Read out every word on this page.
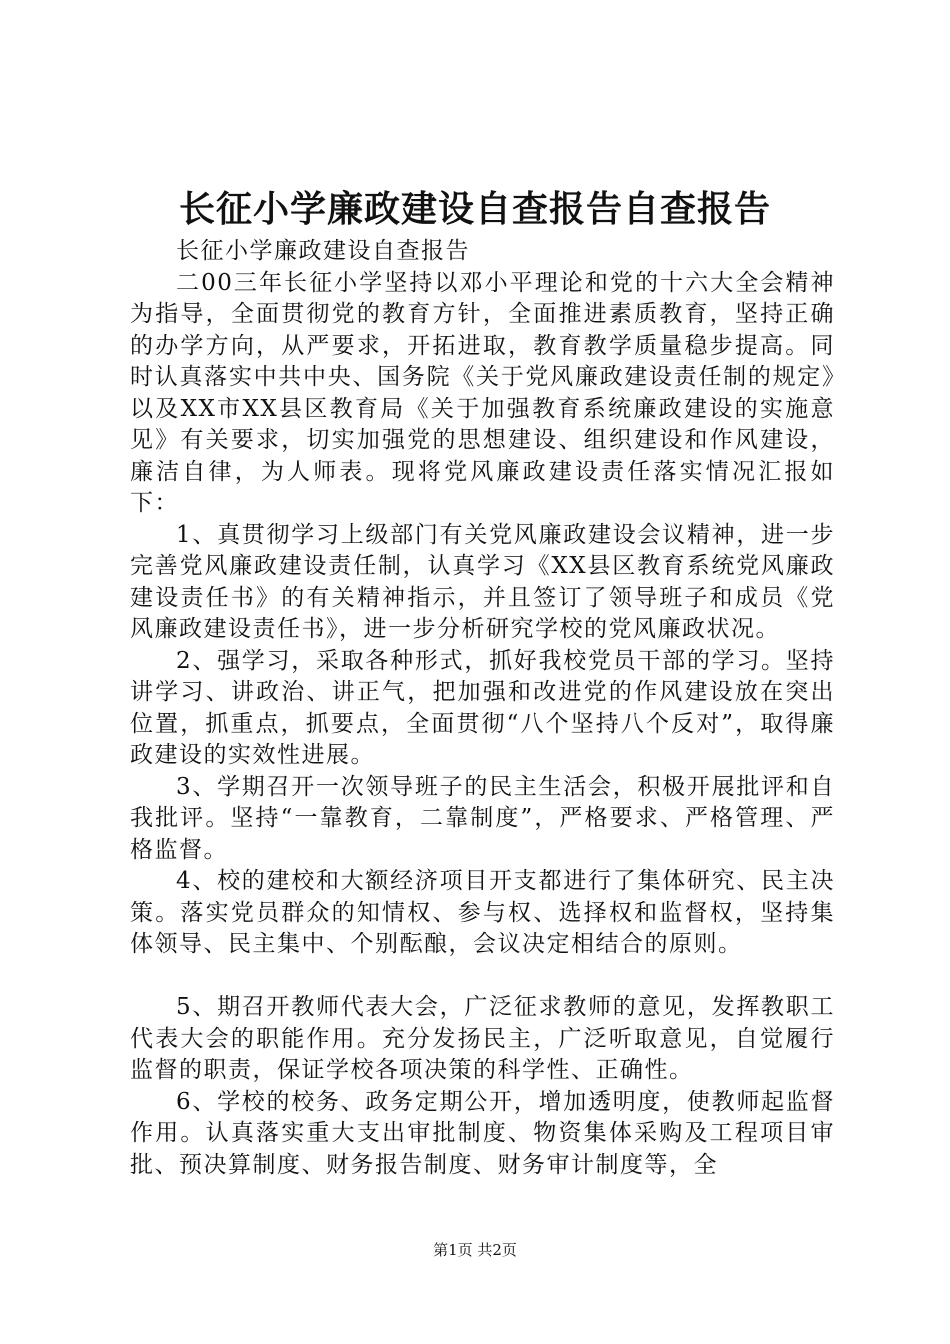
长征小学廉政建设自查报告自查报告

长征小学廉政建设自查报告

二00三年长征小学坚持以邓小平理论和党的十六大全会精神为指导，全面贯彻党的教育方针，全面推进素质教育，坚持正确的办学方向，从严要求，开拓进取，教育教学质量稳步提高。同时认真落实中共中央、国务院《关于党风廉政建设责任制的规定》以及XX市XX县区教育局《关于加强教育系统廉政建设的实施意见》有关要求，切实加强党的思想建设、组织建设和作风建设，廉洁自律，为人师表。现将党风廉政建设责任落实情况汇报如下：

1、真贯彻学习上级部门有关党风廉政建设会议精神，进一步完善党风廉政建设责任制，认真学习《XX县区教育系统党风廉政建设责任书》的有关精神指示，并且签订了领导班子和成员《党风廉政建设责任书》，进一步分析研究学校的党风廉政状况。

2、强学习，采取各种形式，抓好我校党员干部的学习。坚持讲学习、讲政治、讲正气，把加强和改进党的作风建设放在突出位置，抓重点，抓要点，全面贯彻“八个坚持八个反对”，取得廉政建设的实效性进展。

3、学期召开一次领导班子的民主生活会，积极开展批评和自我批评。坚持“一靠教育，二靠制度”，严格要求、严格管理、严格监督。

4、校的建校和大额经济项目开支都进行了集体研究、民主决策。落实党员群众的知情权、参与权、选择权和监督权，坚持集体领导、民主集中、个别酝酿，会议决定相结合的原则。

5、期召开教师代表大会，广泛征求教师的意见，发挥教职工代表大会的职能作用。充分发扬民主，广泛听取意见，自觉履行监督的职责，保证学校各项决策的科学性、正确性。

6、学校的校务、政务定期公开，增加透明度，使教师起监督作用。认真落实重大支出审批制度、物资集体采购及工程项目审批、预决算制度、财务报告制度、财务审计制度等，全

第1页 共2页
